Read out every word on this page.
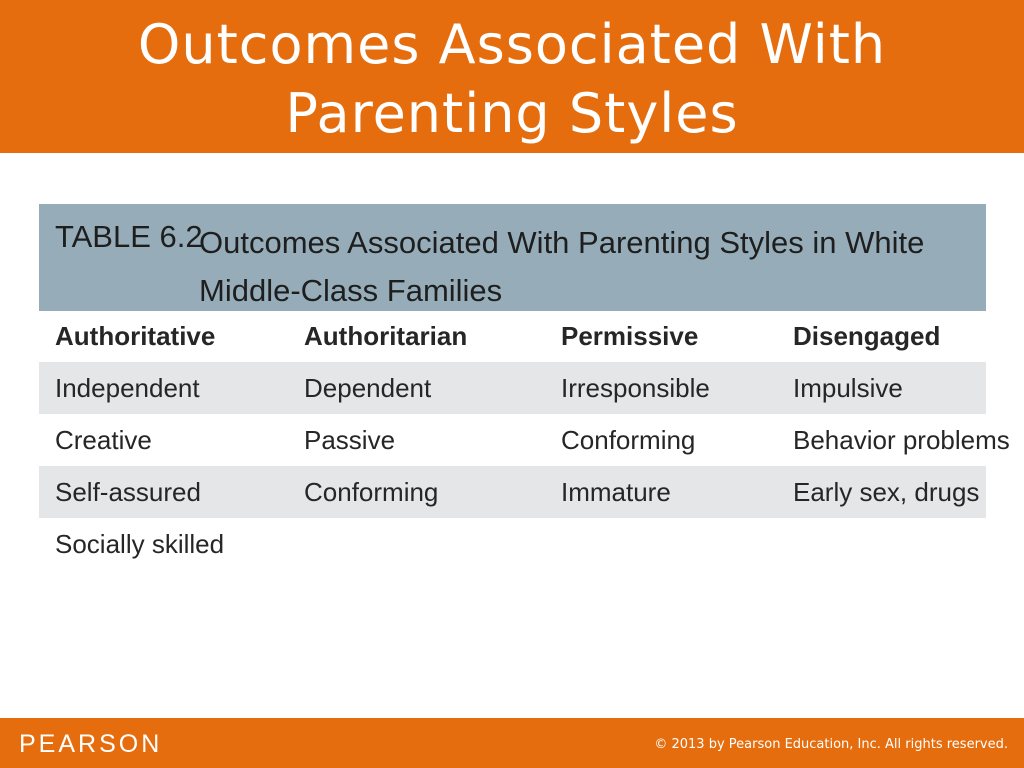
Outcomes Associated With
Parenting Styles
TABLE 6.2
Outcomes Associated With Parenting Styles in White
Middle-Class Families
Authoritative	Authoritarian	Permissive	Disengaged
Independent	Dependent	Irresponsible	Impulsive
Creative	Passive	Conforming	Behavior problems
Self-assured	Conforming	Immature	Early sex, drugs
Socially skilled			
PEARSON	© 2013 by Pearson Education, Inc. All rights reserved.
